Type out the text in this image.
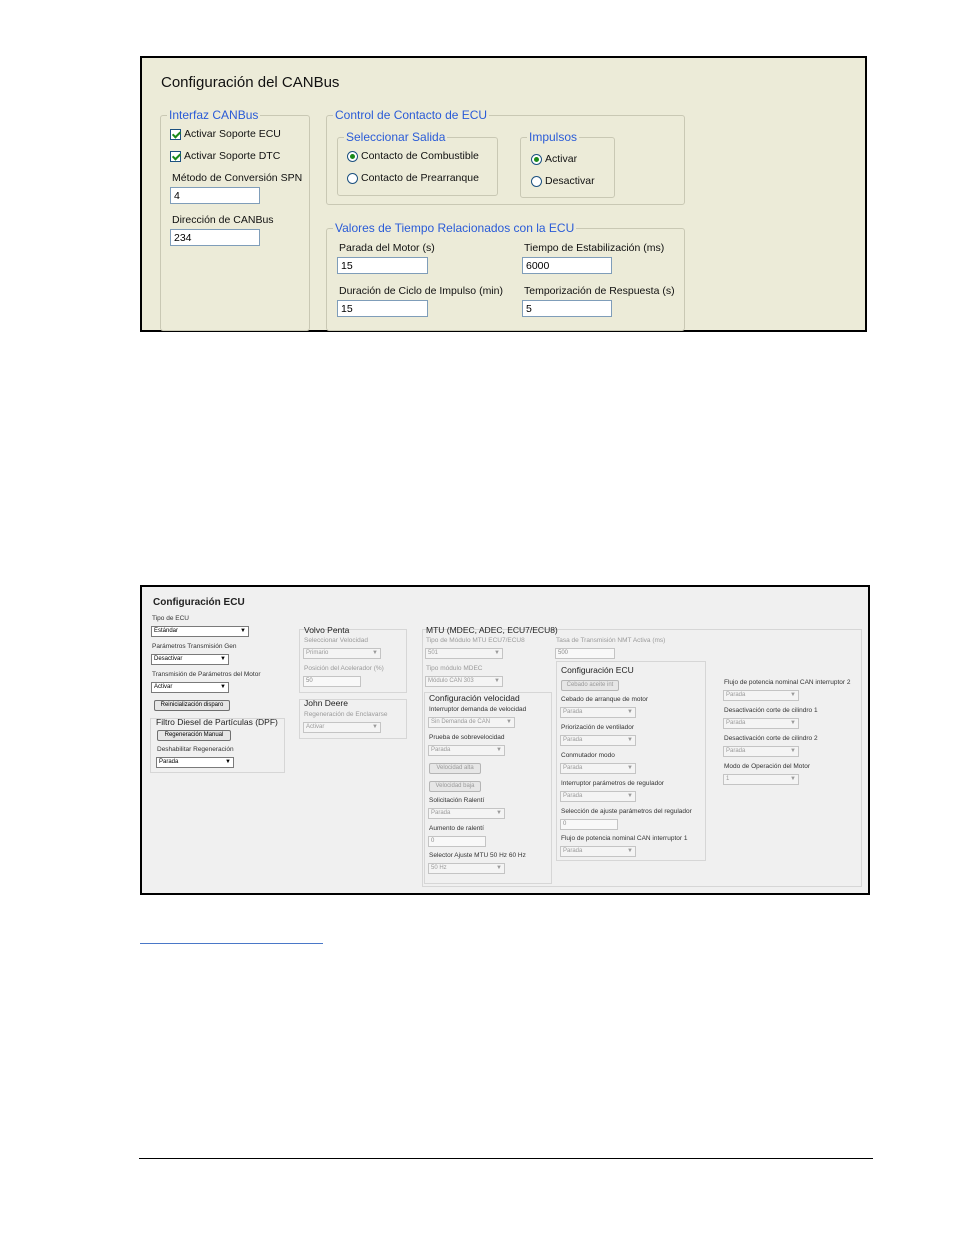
Configuración del CANBus
Interfaz CANBus
Activar Soporte ECU
Activar Soporte DTC
Método de Conversión SPN
4
Dirección de CANBus
234
Control de Contacto de ECU
Seleccionar Salida
Contacto de Combustible
Contacto de Prearranque
Impulsos
Activar
Desactivar
Valores de Tiempo Relacionados con la ECU
Parada del Motor (s)
15
Tiempo de Estabilización (ms)
6000
Duración de Ciclo de Impulso (min)
15
Temporización de Respuesta (s)
5
Configuración ECU
Tipo de ECU
Estándar	▼
Parámetros Transmisión Gen
Desactivar	▼
Transmisión de Parámetros del Motor
Activar	▼
Reinicialización disparo
Filtro Diesel de Partículas (DPF)
Regeneración Manual
Deshabilitar Regeneración
Parada	▼
Volvo Penta
Seleccionar Velocidad
Primario	▼
Posición del Acelerador (%)
50
John Deere
Regeneración de Enclavarse
Activar	▼
MTU (MDEC, ADEC, ECU7/ECU8)
Tipo de Módulo MTU ECU7/ECU8
501	▼
Tasa de Transmisión NMT Activa (ms)
500
Tipo módulo MDEC
Módulo CAN 303	▼
Configuración velocidad
Interruptor demanda de velocidad
Sin Demanda de CAN	▼
Prueba de sobrevelocidad
Parada	▼
Velocidad alta
Velocidad baja
Solicitación Ralentí
Parada	▼
Aumento de ralentí
0
Selector Ajuste MTU 50 Hz 60 Hz
50 Hz	▼
Configuración ECU
Cebado aceite int
Cebado de arranque de motor
Parada	▼
Priorización de ventilador
Parada	▼
Conmutador modo
Parada	▼
Interruptor parámetros de regulador
Parada	▼
Selección de ajuste parámetros del regulador
0
Flujo de potencia nominal CAN interruptor 1
Parada	▼
Flujo de potencia nominal CAN interruptor 2
Parada	▼
Desactivación corte de cilindro 1
Parada	▼
Desactivación corte de cilindro 2
Parada	▼
Modo de Operación del Motor
1	▼
